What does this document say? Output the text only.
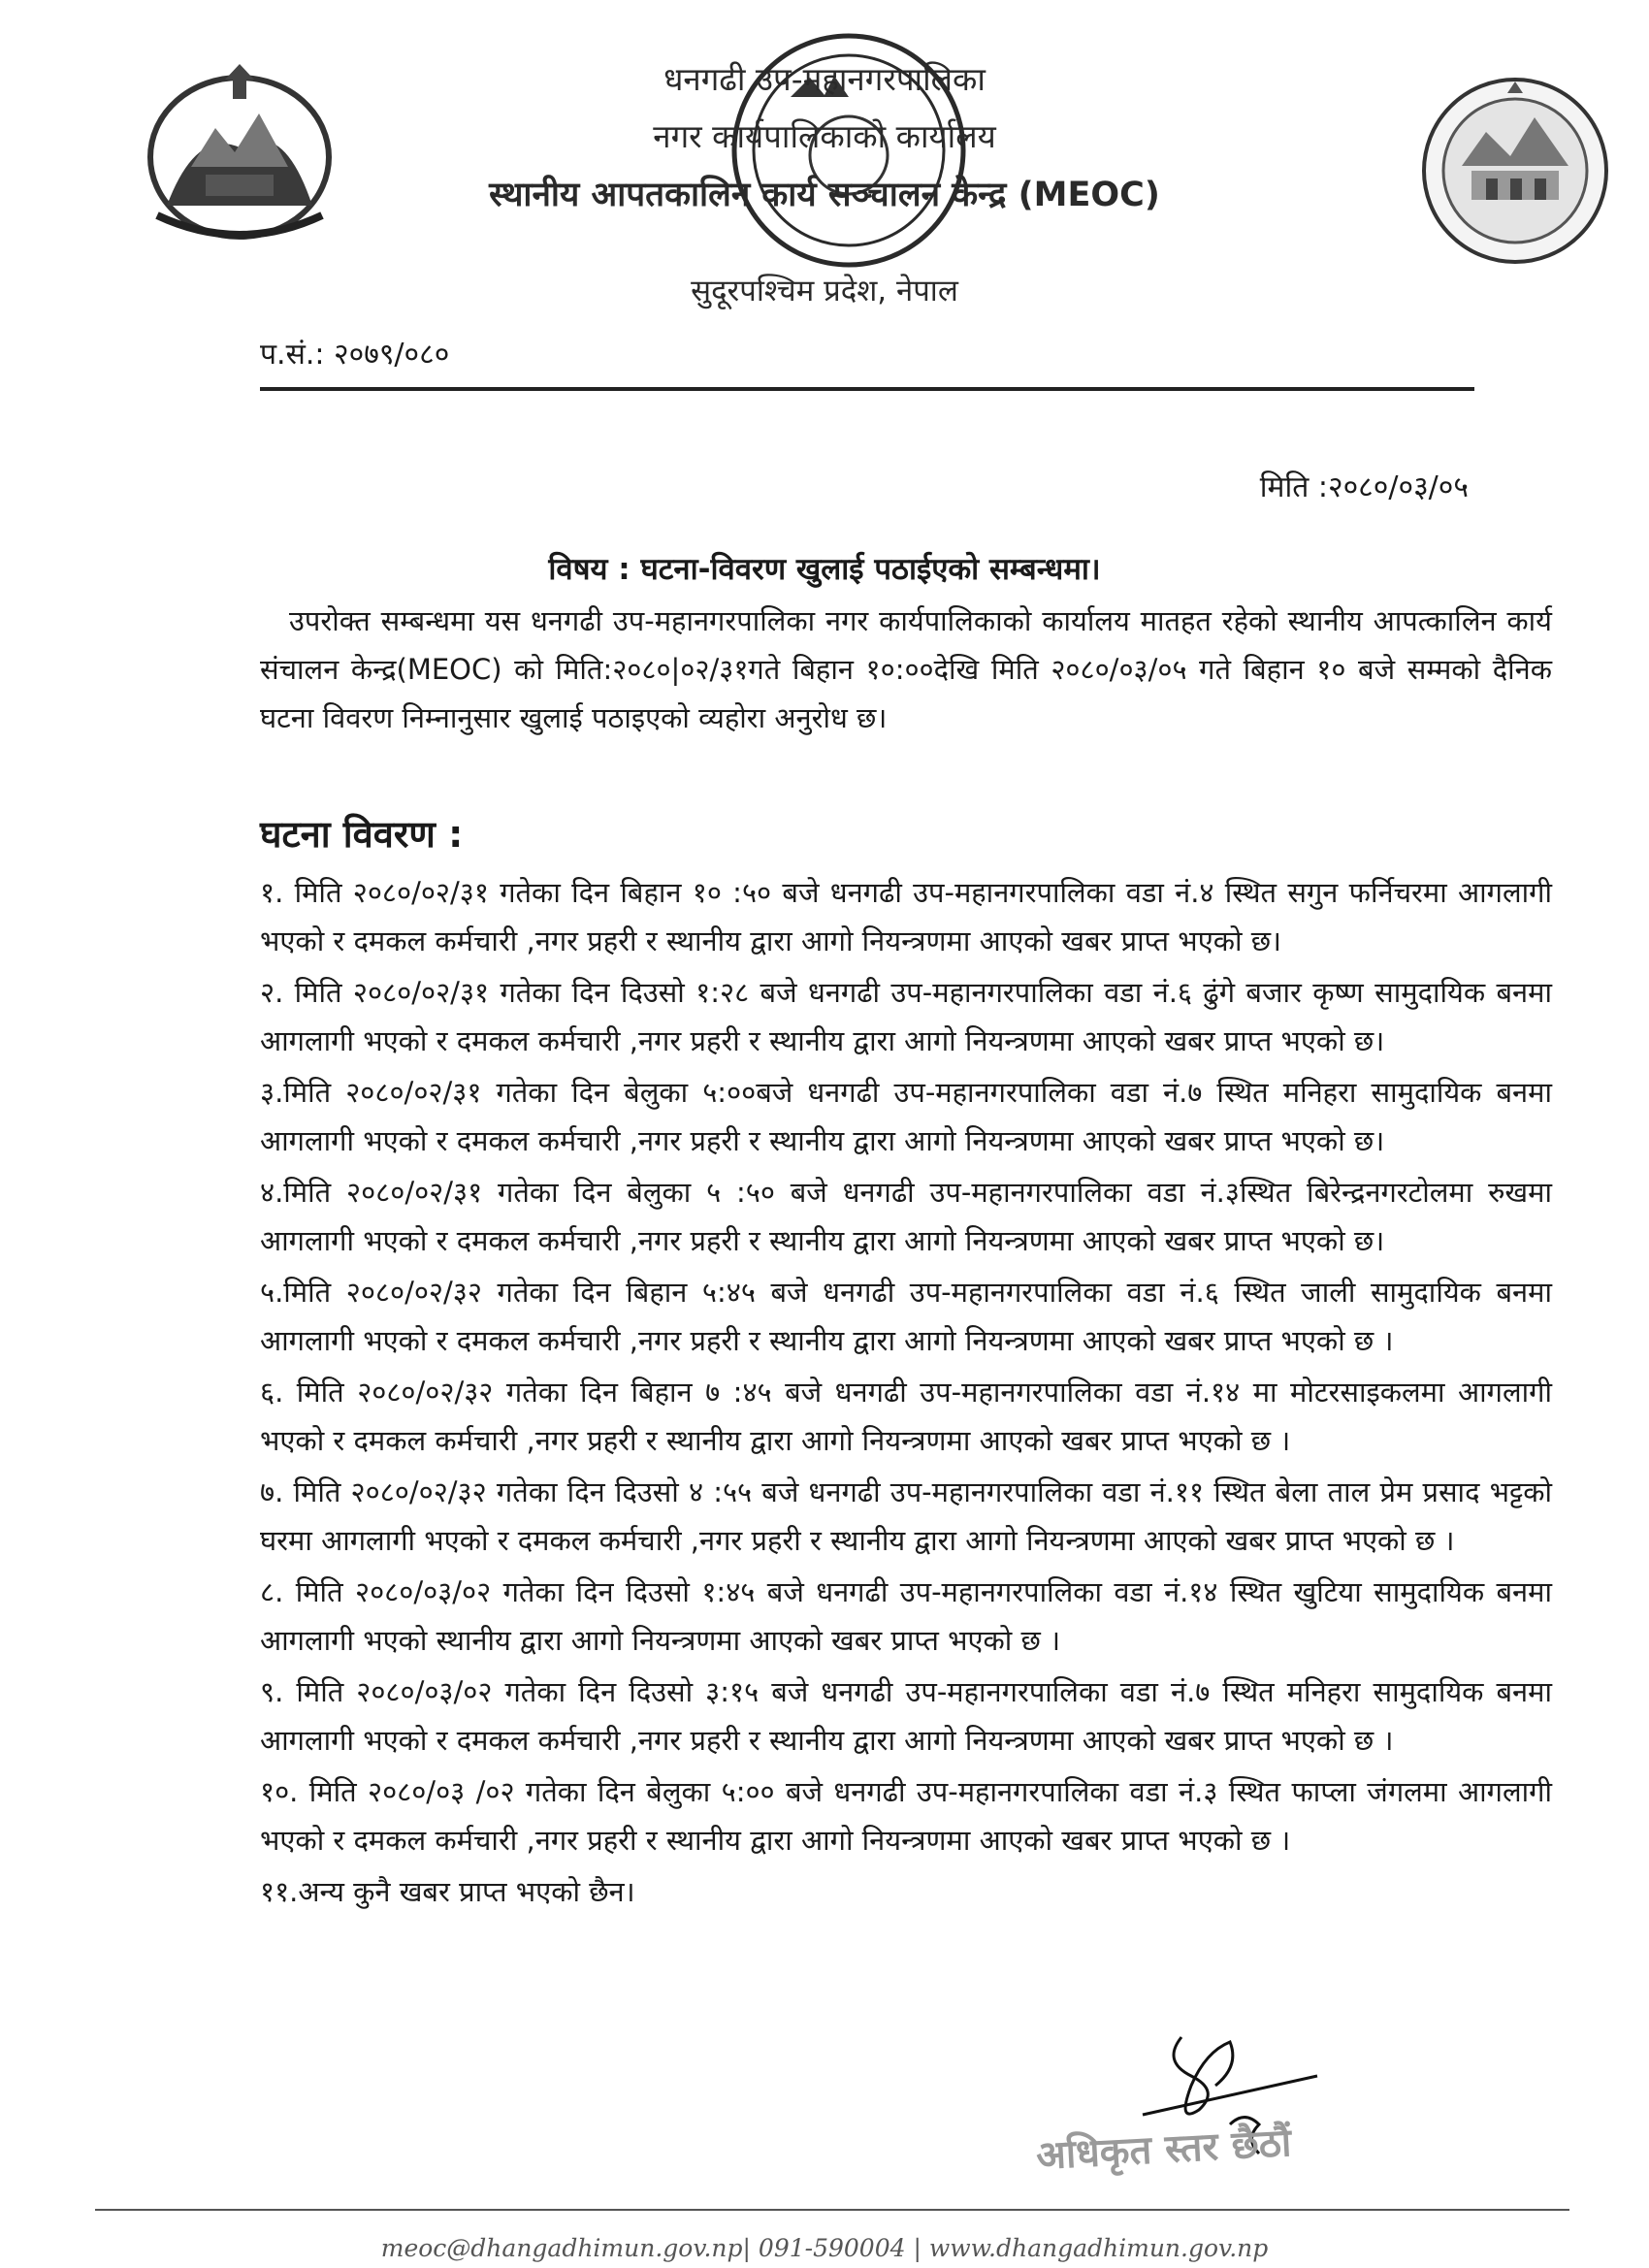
धनगढी उप-महानगरपालिका
नगर कार्यपालिकाको कार्यालय
स्थानीय आपतकालिन कार्य सञ्चालन केन्द्र (MEOC)
सुदूरपश्चिम प्रदेश, नेपाल
प.सं.: २०७९/०८०
मिति :२०८०/०३/०५
विषय : घटना-विवरण खुलाई पठाईएको सम्बन्धमा।
उपरोक्त सम्बन्धमा यस धनगढी उप-महानगरपालिका नगर कार्यपालिकाको कार्यालय मातहत रहेको स्थानीय आपत्कालिन कार्य संचालन केन्द्र(MEOC) को मिति:२०८०|०२/३१गते बिहान १०:००देखि मिति २०८०/०३/०५ गते बिहान १० बजे सम्मको दैनिक घटना विवरण निम्नानुसार खुलाई पठाइएको व्यहोरा अनुरोध छ।
घटना विवरण :

१. मिति २०८०/०२/३१ गतेका दिन बिहान १० :५० बजे धनगढी उप-महानगरपालिका वडा नं.४ स्थित सगुन फर्निचरमा आगलागी भएको र दमकल कर्मचारी ,नगर प्रहरी र स्थानीय द्वारा आगो नियन्त्रणमा आएको खबर प्राप्त भएको छ।

२. मिति २०८०/०२/३१ गतेका दिन दिउसो १:२८ बजे धनगढी उप-महानगरपालिका वडा नं.६ ढुंगे बजार कृष्ण सामुदायिक बनमा आगलागी भएको र दमकल कर्मचारी ,नगर प्रहरी र स्थानीय द्वारा आगो नियन्त्रणमा आएको खबर प्राप्त भएको छ।

३.मिति २०८०/०२/३१ गतेका दिन बेलुका ५:००बजे धनगढी उप-महानगरपालिका वडा नं.७ स्थित मनिहरा सामुदायिक बनमा आगलागी भएको र दमकल कर्मचारी ,नगर प्रहरी र स्थानीय द्वारा आगो नियन्त्रणमा आएको खबर प्राप्त भएको छ।

४.मिति २०८०/०२/३१ गतेका दिन बेलुका ५ :५० बजे धनगढी उप-महानगरपालिका वडा नं.३स्थित बिरेन्द्रनगरटोलमा रुखमा आगलागी भएको र दमकल कर्मचारी ,नगर प्रहरी र स्थानीय द्वारा आगो नियन्त्रणमा आएको खबर प्राप्त भएको छ।

५.मिति २०८०/०२/३२ गतेका दिन बिहान ५:४५ बजे धनगढी उप-महानगरपालिका वडा नं.६ स्थित जाली सामुदायिक बनमा आगलागी भएको र दमकल कर्मचारी ,नगर प्रहरी र स्थानीय द्वारा आगो नियन्त्रणमा आएको खबर प्राप्त भएको छ ।

६. मिति २०८०/०२/३२ गतेका दिन बिहान ७ :४५ बजे धनगढी उप-महानगरपालिका वडा नं.१४ मा मोटरसाइकलमा आगलागी भएको र दमकल कर्मचारी ,नगर प्रहरी र स्थानीय द्वारा आगो नियन्त्रणमा आएको खबर प्राप्त भएको छ ।

७. मिति २०८०/०२/३२ गतेका दिन दिउसो ४ :५५ बजे धनगढी उप-महानगरपालिका वडा नं.११ स्थित बेला ताल प्रेम प्रसाद भट्टको घरमा आगलागी भएको र दमकल कर्मचारी ,नगर प्रहरी र स्थानीय द्वारा आगो नियन्त्रणमा आएको खबर प्राप्त भएको छ ।

८. मिति २०८०/०३/०२ गतेका दिन दिउसो १:४५ बजे धनगढी उप-महानगरपालिका वडा नं.१४ स्थित खुटिया सामुदायिक बनमा आगलागी भएको स्थानीय द्वारा आगो नियन्त्रणमा आएको खबर प्राप्त भएको छ ।

९. मिति २०८०/०३/०२ गतेका दिन दिउसो ३:१५ बजे धनगढी उप-महानगरपालिका वडा नं.७ स्थित मनिहरा सामुदायिक बनमा आगलागी भएको र दमकल कर्मचारी ,नगर प्रहरी र स्थानीय द्वारा आगो नियन्त्रणमा आएको खबर प्राप्त भएको छ ।

१०. मिति २०८०/०३ /०२ गतेका दिन बेलुका ५:०० बजे धनगढी उप-महानगरपालिका वडा नं.३ स्थित फाप्ला जंगलमा आगलागी भएको र दमकल कर्मचारी ,नगर प्रहरी र स्थानीय द्वारा आगो नियन्त्रणमा आएको खबर प्राप्त भएको छ ।

११.अन्य कुनै खबर प्राप्त भएको छैन।

अधिकृत स्तर छैठौं
meoc@dhangadhimun.gov.np| 091-590004 | www.dhangadhimun.gov.np
